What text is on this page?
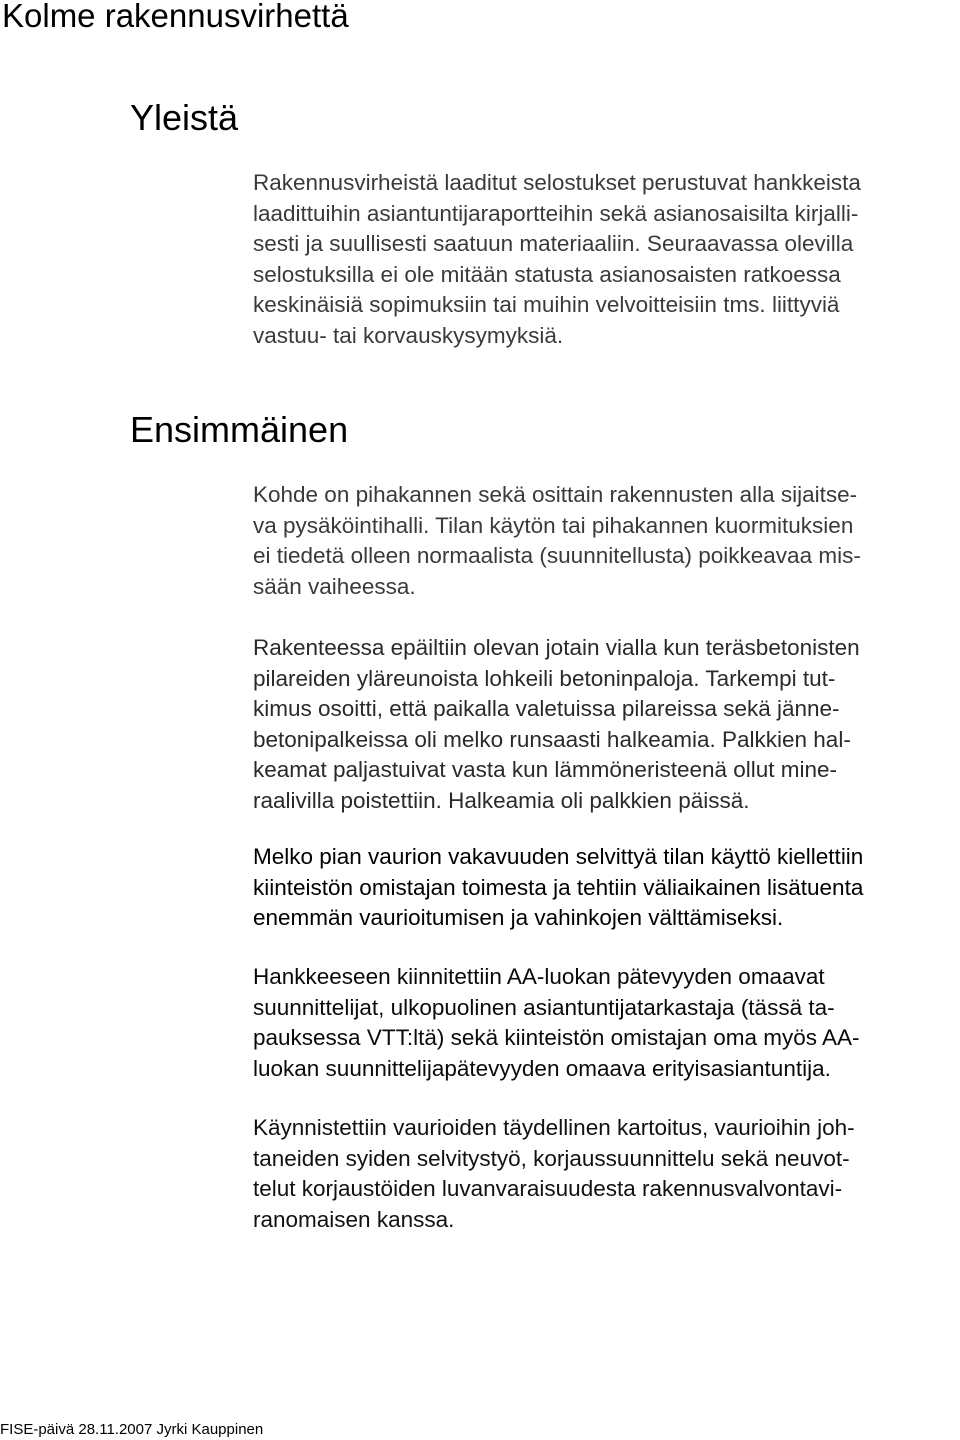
Kolme rakennusvirhettä
Yleistä
Rakennusvirheistä laaditut selostukset perustuvat hankkeista
laadittuihin asiantuntijaraportteihin sekä asianosaisilta kirjalli-
sesti ja suullisesti saatuun materiaaliin. Seuraavassa olevilla
selostuksilla ei ole mitään statusta asianosaisten ratkoessa
keskinäisiä sopimuksiin tai muihin velvoitteisiin tms. liittyviä
vastuu- tai korvauskysymyksiä.
Ensimmäinen
Kohde on pihakannen sekä osittain rakennusten alla sijaitse-
va pysäköintihalli. Tilan käytön tai pihakannen kuormituksien
ei tiedetä olleen normaalista (suunnitellusta) poikkeavaa mis-
sään vaiheessa.
Rakenteessa epäiltiin olevan jotain vialla kun teräsbetonisten
pilareiden yläreunoista lohkeili betoninpaloja. Tarkempi tut-
kimus osoitti, että paikalla valetuissa pilareissa sekä jänne-
betonipalkeissa oli melko runsaasti halkeamia. Palkkien hal-
keamat paljastuivat vasta kun lämmöneristeenä ollut mine-
raalivilla poistettiin. Halkeamia oli palkkien päissä.
Melko pian vaurion vakavuuden selvittyä tilan käyttö kiellettiin
kiinteistön omistajan toimesta ja tehtiin väliaikainen lisätuenta
enemmän vaurioitumisen ja vahinkojen välttämiseksi.
Hankkeeseen kiinnitettiin AA-luokan pätevyyden omaavat
suunnittelijat, ulkopuolinen asiantuntijatarkastaja (tässä ta-
pauksessa VTT:ltä) sekä kiinteistön omistajan oma myös AA-
luokan suunnittelijapätevyyden omaava erityisasiantuntija.
Käynnistettiin vaurioiden täydellinen kartoitus, vaurioihin joh-
taneiden syiden selvitystyö, korjaussuunnittelu sekä neuvot-
telut korjaustöiden luvanvaraisuudesta rakennusvalvontavi-
ranomaisen kanssa.
FISE-päivä 28.11.2007 Jyrki Kauppinen
